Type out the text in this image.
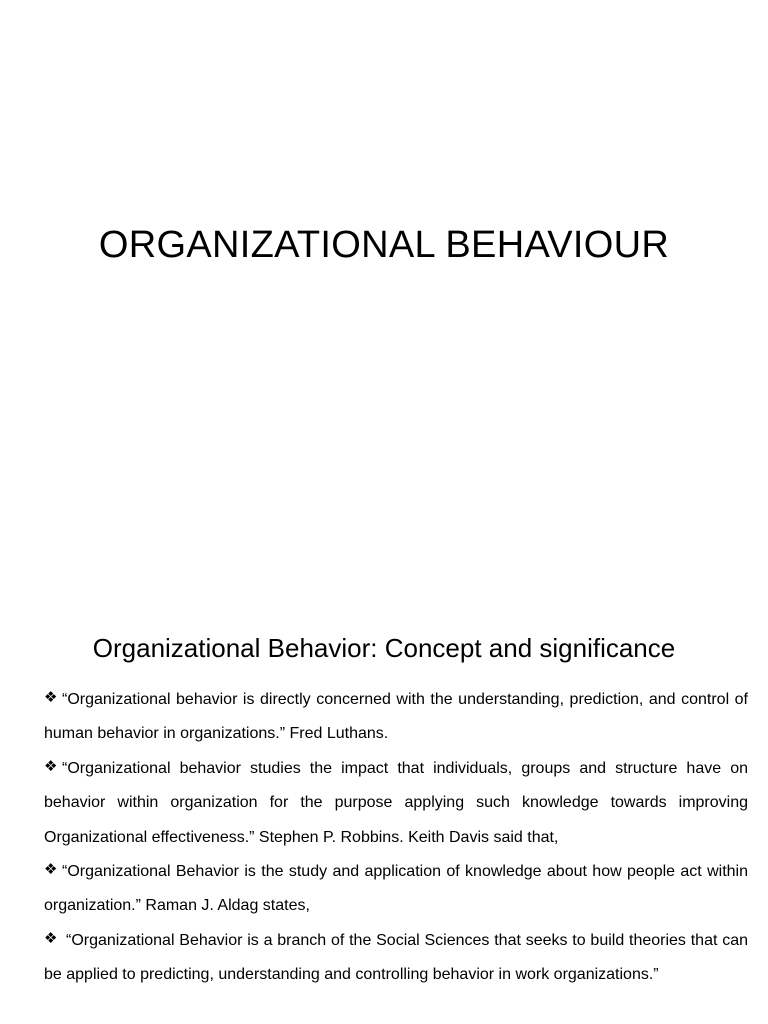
ORGANIZATIONAL BEHAVIOUR
Organizational Behavior: Concept and significance
❖ “Organizational behavior is directly concerned with the understanding, prediction, and control of human behavior in organizations.” Fred Luthans.
❖ “Organizational behavior studies the impact that individuals, groups and structure have on behavior within organization for the purpose applying such knowledge towards improving Organizational effectiveness.” Stephen P. Robbins. Keith Davis said that,
❖ “Organizational Behavior is the study and application of knowledge about how people act within organization.” Raman J. Aldag states,
❖ “Organizational Behavior is a branch of the Social Sciences that seeks to build theories that can be applied to predicting, understanding and controlling behavior in work organizations.”
